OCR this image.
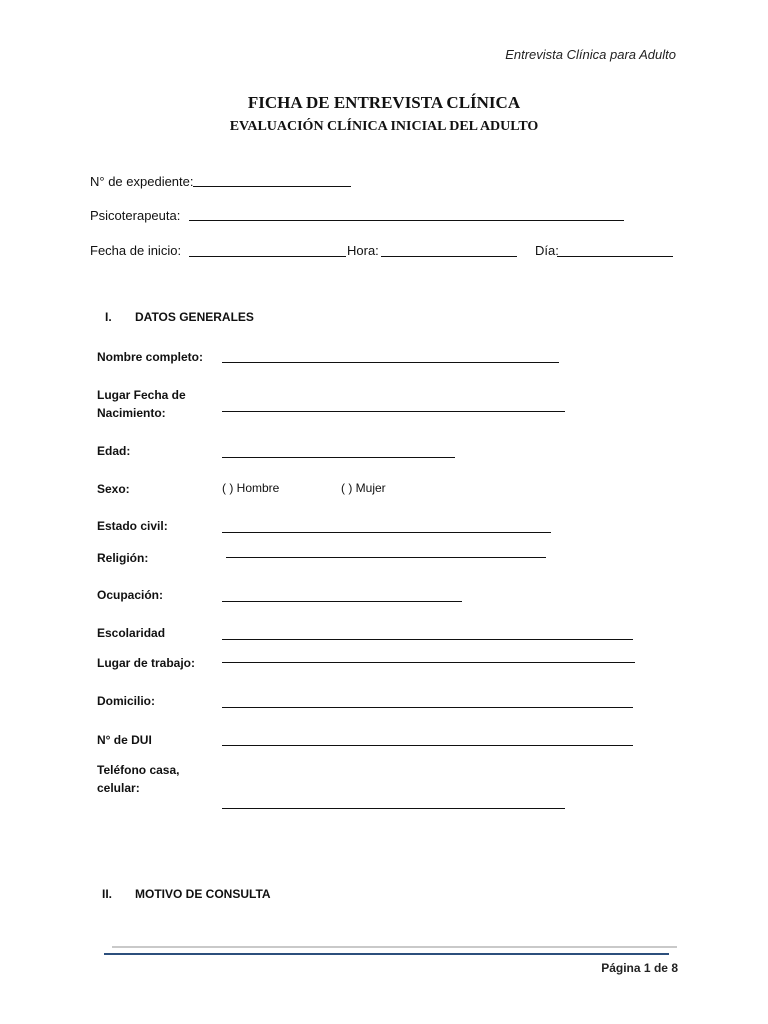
Entrevista Clínica para Adulto
FICHA DE ENTREVISTA CLÍNICA
EVALUACIÓN CLÍNICA INICIAL DEL ADULTO
N° de expediente:
Psicoterapeuta:
Fecha de inicio:	Hora:	Día:
I. DATOS GENERALES
Nombre completo:
Lugar Fecha de
Nacimiento:
Edad:
Sexo:	( ) Hombre	( ) Mujer
Estado civil:
Religión:
Ocupación:
Escolaridad
Lugar de trabajo:
Domicilio:
N° de DUI
Teléfono casa,
celular:
II. MOTIVO DE CONSULTA
Página 1 de 8
